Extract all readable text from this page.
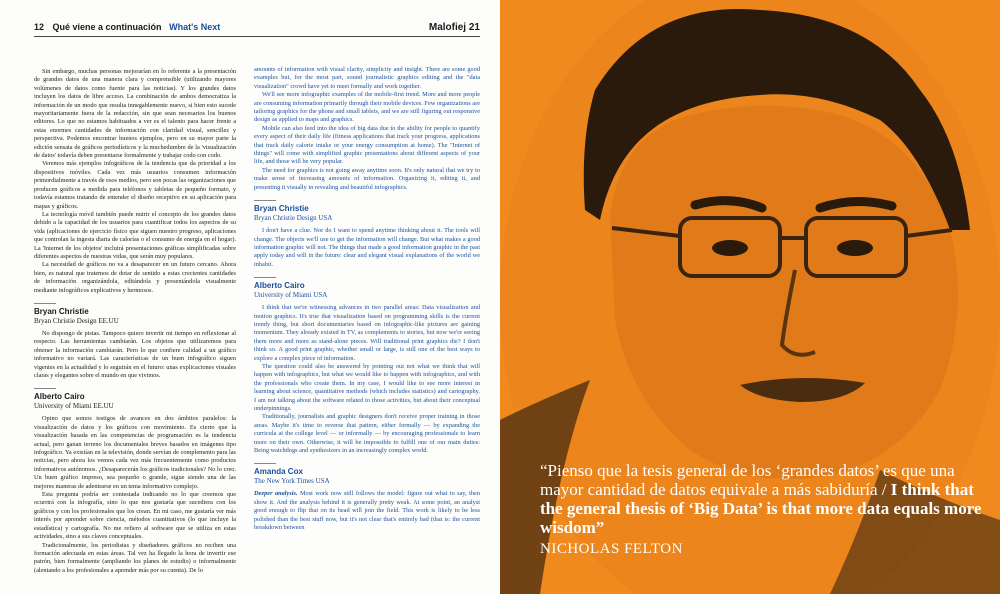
12 Qué viene a continuación What's Next	Malofiej 21

Sin embargo, muchas personas mejorarían en lo referente a la presentación de grandes datos de una manera clara y comprensible (utilizando mayores volúmenes de datos como fuente para las noticias). Y los grandes datos incluyen los datos de libre acceso. La combinación de ambos democratiza la información de un modo que resulta innegablemente nuevo, si bien esto sucede mayoritariamente fuera de la redacción, sin que sean necesarios los buenos editores. Lo que no estamos habituados a ver es el talento para hacer frente a estas enormes cantidades de información con claridad visual, sencillez y perspectiva. Podemos encontrar buenos ejemplos, pero en su mayor parte la edición sensata de gráficos periodísticos y la muchedumbre de la 'visualización de datos' todavía deben presentarse formalmente y trabajar codo con codo.

Veremos más ejemplos infográficos de la tendencia que da prioridad a los dispositivos móviles. Cada vez más usuarios consumen información primordialmente a través de esos medios, pero son pocas las organizaciones que producen gráficos a medida para teléfonos y tabletas de pequeño formato, y todavía estamos tratando de entender el diseño receptivo en su aplicación para mapas y gráficos.

La tecnología móvil también puede nutrir el concepto de los grandes datos debido a la capacidad de los usuarios para cuantificar todos los aspectos de su vida (aplicaciones de ejercicio físico que siguen nuestro progreso, aplicaciones que controlan la ingesta diaria de calorías o el consumo de energía en el hogar). La 'Internet de los objetos' incluirá presentaciones gráficas simplificadas sobre diferentes aspectos de nuestras vidas, que serán muy populares.

La necesidad de gráficos no va a desaparecer en un futuro cercano. Ahora bien, es natural que tratemos de dotar de sentido a estas crecientes cantidades de información organizándola, editándola y presentándola visualmente mediante infográficos explicativos y hermosos.

Bryan Christie

Bryan Christie Design EE.UU

No dispongo de pistas. Tampoco quiero invertir mi tiempo en reflexionar al respecto. Las herramientas cambiarán. Los objetos que utilizaremos para obtener la información cambiarán. Pero lo que confiere calidad a un gráfico informativo no variará. Las características de un buen infográfico siguen vigentes en la actualidad y lo seguirán en el futuro: unas explicaciones visuales claras y elegantes sobre el mundo en que vivimos.

Alberto Cairo

University of Miami EE.UU

Opino que somos testigos de avances en dos ámbitos paralelos: la visualización de datos y los gráficos con movimiento. Es cierto que la visualización basada en las competencias de programación es la tendencia actual, pero ganan terreno los documentales breves basados en imágenes tipo infográfico. Ya existían en la televisión, donde servían de complemento para las noticias, pero ahora los vemos cada vez más frecuentemente como productos informativos autónomos. ¿Desaparecerán los gráficos tradicionales? No lo creo. Un buen gráfico impreso, sea pequeño o grande, sigue siendo una de las mejores maneras de adentrarse en un tema informativo complejo.

Esta pregunta podría ser contestada indicando no lo que creemos que ocurrirá con la infografía, sino lo que nos gustaría que sucediera con los gráficos y con los profesionales que los crean. En mi caso, me gustaría ver más interés por aprender sobre ciencia, métodos cuantitativos (lo que incluye la estadística) y cartografía. No me refiero al software que se utiliza en estas actividades, sino a sus claves conceptuales.

Tradicionalmente, los periodistas y diseñadores gráficos no reciben una formación adecuada en estas áreas. Tal vez ha llegado la hora de invertir ese patrón, bien formalmente (ampliando los planes de estudio) o informalmente (alentando a los profesionales a aprender más por su cuenta). De lo

amounts of information with visual clarity, simplicity and insight. There are some good examples but, for the most part, sound journalistic graphics editing and the "data visualization" crowd have yet to meet formally and work together.

We'll see more infographic examples of the mobile-first trend. More and more people are consuming information primarily through their mobile devices. Few organizations are tailoring graphics for the phone and small tablets, and we are still figuring out responsive design as applied to maps and graphics.

Mobile can also feed into the idea of big data due to the ability for people to quantify every aspect of their daily life (fitness applications that track your progress, applications that track daily calorie intake or your energy consumption at home). The "Internet of things" will come with simplified graphic presentations about different aspects of your life, and those will be very popular.

The need for graphics is not going away anytime soon. It's only natural that we try to make sense of increasing amounts of information. Organizing it, editing it, and presenting it visually in revealing and beautiful infographics.

Bryan Christie

Bryan Christie Design USA

I don't have a clue. Nor do I want to spend anytime thinking about it. The tools will change. The objects we'll use to get the information will change. But what makes a good information graphic will not. The things that made a good information graphic in the past apply today and will in the future: clear and elegant visual explanations of the world we inhabit.

Alberto Cairo

University of Miami USA

I think that we're witnessing advances in two parallel areas: Data visualization and motion graphics. It's true that visualization based on programming skills is the current trendy thing, but short documentaries based on infographic-like pictures are gaining momentum. They already existed in TV, as complements to stories, but now we're seeing them more and more as stand-alone pieces. Will traditional print graphics die? I don't think so. A good print graphic, whether small or large, is still one of the best ways to explore a complex piece of information.

The question could also be answered by pointing out not what we think that will happen with infographics, but what we would like to happen with infographics, and with the professionals who create them. In my case, I would like to see more interest in learning about science, quantitative methods (which includes statistics) and cartography. I am not talking about the software related to those activities, but about their conceptual underpinnings.

Traditionally, journalists and graphic designers don't receive proper training in those areas. Maybe it's time to reverse that pattern, either formally — by expanding the curricula at the college level — or informally — by encouraging professionals to learn more on their own. Otherwise, it will be impossible to fulfill one of our main duties: Being watchdogs and synthesizers in an increasingly complex world.

Amanda Cox

The New York Times USA

Deeper analysis. Most work now still follows the model: figure out what to say, then show it. And the analysis behind it is generally pretty weak. At some point, an analyst good enough to flip that on its head will join the field. This work is likely to be less polished than the best stuff now, but it's not clear that's entirely bad (that is: the current breakdown between

“Pienso que la tesis general de los ‘grandes datos’ es que una mayor cantidad de datos equivale a más sabiduría / I think that the general thesis of ‘Big Data’ is that more data equals more wisdom”
NICHOLAS FELTON
